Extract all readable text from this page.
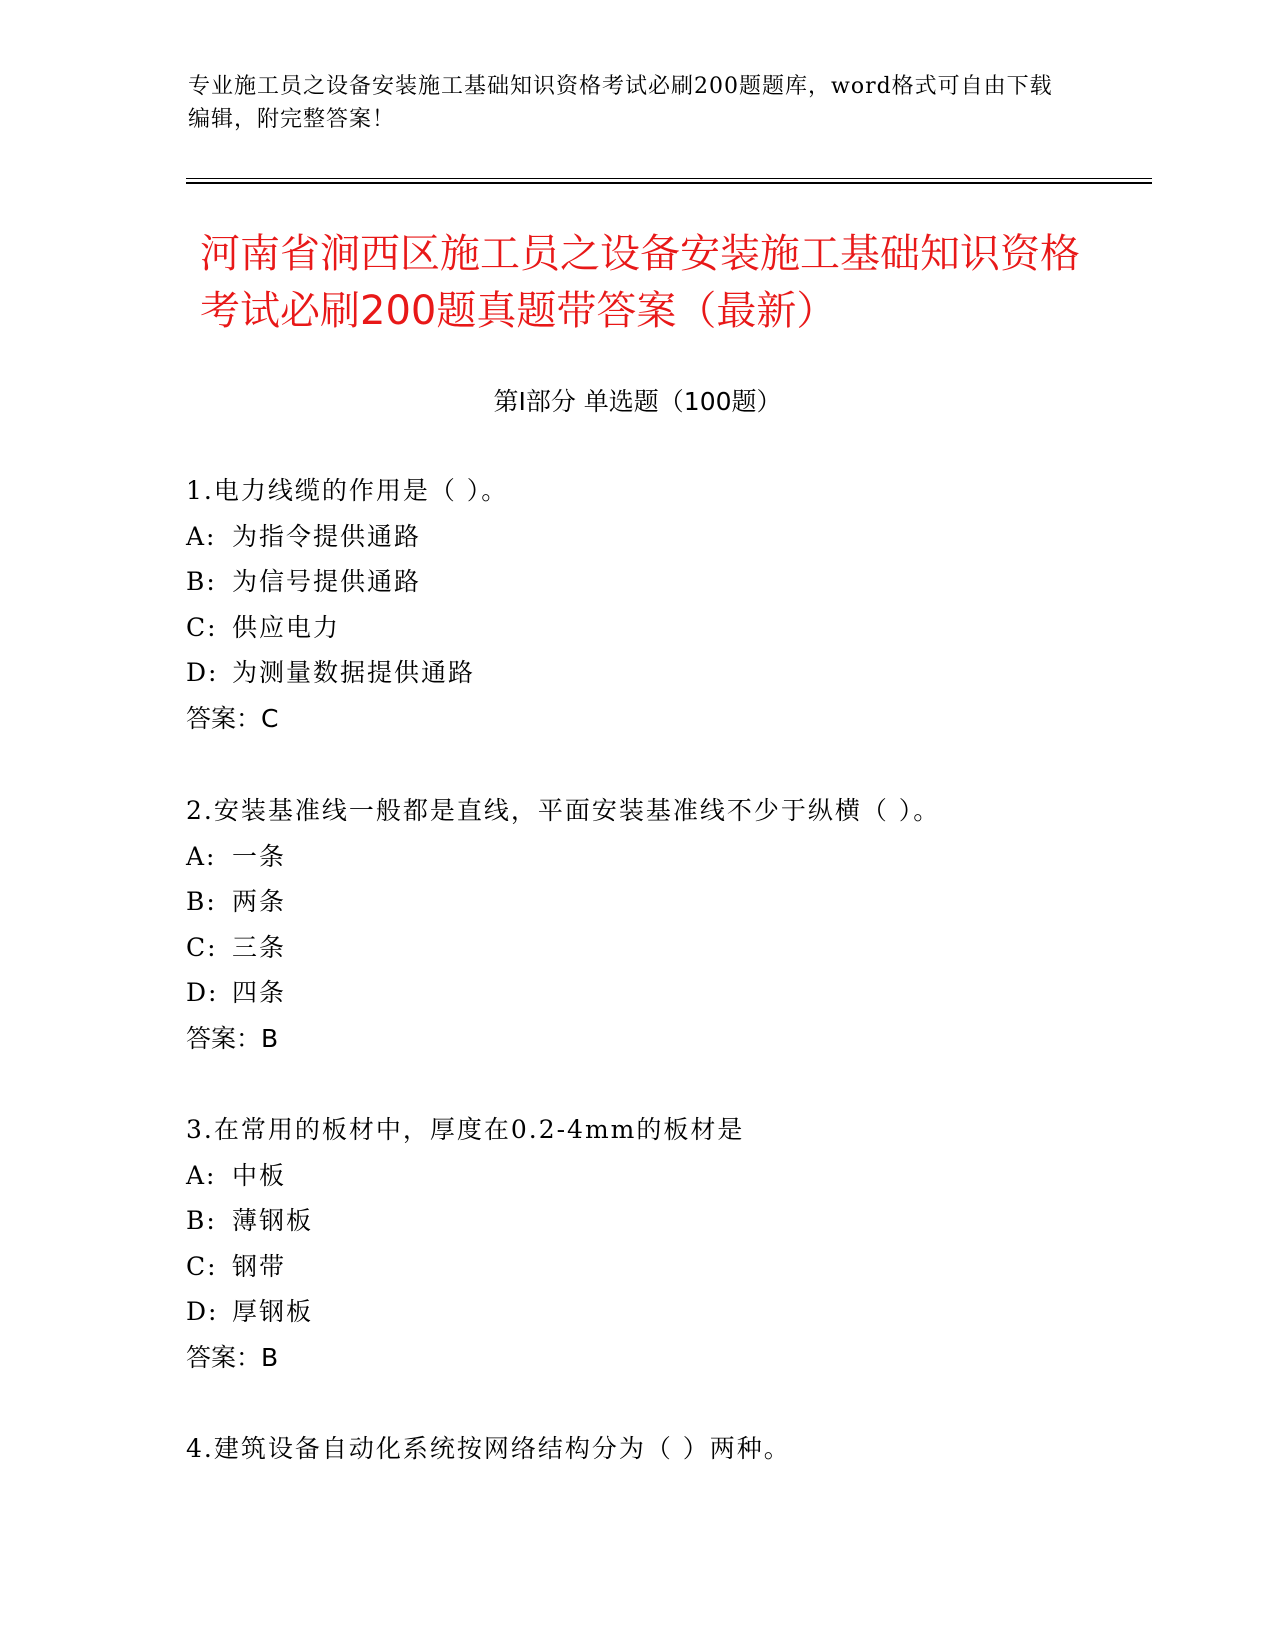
专业施工员之设备安装施工基础知识资格考试必刷200题题库，word格式可自由下载编辑，附完整答案！
河南省涧西区施工员之设备安装施工基础知识资格考试必刷200题真题带答案（最新）
第Ⅰ部分 单选题（100题）
1.电力线缆的作用是（ ）。
A: 为指令提供通路
B: 为信号提供通路
C: 供应电力
D: 为测量数据提供通路
答案：C
2.安装基准线一般都是直线，平面安装基准线不少于纵横（ ）。
A: 一条
B: 两条
C: 三条
D: 四条
答案：B
3.在常用的板材中，厚度在0.2-4mm的板材是
A: 中板
B: 薄钢板
C: 钢带
D: 厚钢板
答案：B
4.建筑设备自动化系统按网络结构分为（ ）两种。
